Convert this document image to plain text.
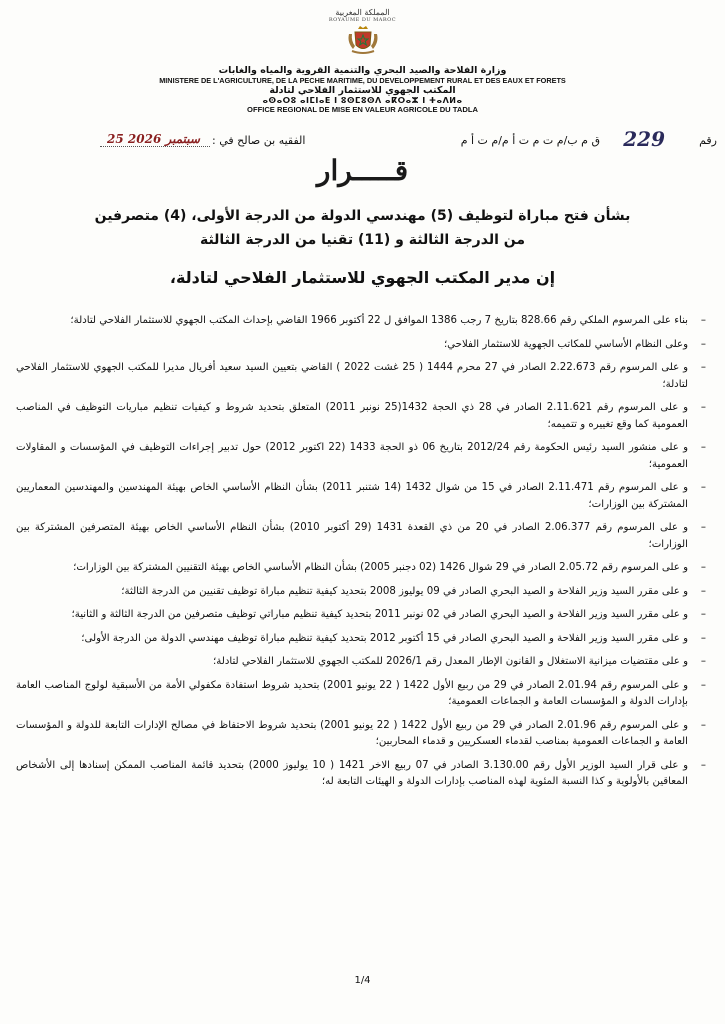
المملكة المغربية
ROYAUME DU MAROC
وزارة الفلاحة والصيد البحري والتنمية القروية والمياه والغابات
MINISTERE DE L'AGRICULTURE, DE LA PECHE MARITIME, DU DEVELOPPEMENT RURAL ET DES EAUX ET FORETS
المكتب الجهوي للاستثمار الفلاحي لتادلة
ⴰⵙⴰⵔⵓ ⴰⵏⵎⵏⴰⴹ ⵏ ⵓⵙⵎⵓⵙⴷ ⴰⴽⵔⴰⵣ ⵏ ⵜⴰⴷⵍⴰ
OFFICE REGIONAL DE MISE EN VALEUR AGRICOLE DU TADLA
رقم
229
ق م ب/م ت م ت أ م/م ت أ م
الفقيه بن صالح في :
25 سبتمبر 2026
قـــــرار
بشأن فتح مباراة لتوظيف (5) مهندسي الدولة من الدرجة الأولى، (4) متصرفين
من الدرجة الثالثة و (11) تقنيا من الدرجة الثالثة
إن مدير المكتب الجهوي للاستثمار الفلاحي لتادلة،
– بناء على المرسوم الملكي رقم 828.66 بتاريخ 7 رجب 1386 الموافق ل 22 أكتوبر 1966 القاضي بإحداث المكتب الجهوي للاستثمار الفلاحي لتادلة؛
– وعلى النظام الأساسي للمكاتب الجهوية للاستثمار الفلاحي؛
– و على المرسوم رقم 2.22.673 الصادر في 27 محرم 1444 ( 25 غشت 2022 ) القاضي بتعيين السيد سعيد أفريال مديرا للمكتب الجهوي للاستثمار الفلاحي لتادلة؛
– و على المرسوم رقم 2.11.621 الصادر في 28 ذي الحجة 1432(25 نونبر 2011) المتعلق بتحديد شروط و كيفيات تنظيم مباريات التوظيف في المناصب العمومية كما وقع تغييره و تتميمه؛
– و على منشور السيد رئيس الحكومة رقم 2012/24 بتاريخ 06 ذو الحجة 1433 (22 اكتوبر 2012) حول تدبير إجراءات التوظيف في المؤسسات و المقاولات العمومية؛
– و على المرسوم رقم 2.11.471 الصادر في 15 من شوال 1432 (14 شتنبر 2011) بشأن النظام الأساسي الخاص بهيئة المهندسين والمهندسين المعماريين المشتركة بين الوزارات؛
– و على المرسوم رقم 2.06.377 الصادر في 20 من ذي القعدة 1431 (29 أكتوبر 2010) بشأن النظام الأساسي الخاص بهيئة المتصرفين المشتركة بين الوزارات؛
– و على المرسوم رقم 2.05.72 الصادر في 29 شوال 1426 (02 دجنبر 2005) بشأن النظام الأساسي الخاص بهيئة التقنيين المشتركة بين الوزارات؛
– و على مقرر السيد وزير الفلاحة و الصيد البحري الصادر في 09 يوليوز 2008 بتحديد كيفية تنظيم مباراة توظيف تقنيين من الدرجة الثالثة؛
– و على مقرر السيد وزير الفلاحة و الصيد البحري الصادر في 02 نونبر 2011 بتحديد كيفية تنظيم مباراتي توظيف متصرفين من الدرجة الثالثة و الثانية؛
– و على مقرر السيد وزير الفلاحة و الصيد البحري الصادر في 15 أكتوبر 2012 بتحديد كيفية تنظيم مباراة توظيف مهندسي الدولة من الدرجة الأولى؛
– و على مقتضيات ميزانية الاستغلال و القانون الإطار المعدل رقم 2026/1 للمكتب الجهوي للاستثمار الفلاحي لتادلة؛
– و على المرسوم رقم 2.01.94 الصادر في 29 من ربيع الأول 1422 ( 22 يونيو 2001) بتحديد شروط استفادة مكفولي الأمة من الأسبقية لولوج المناصب العامة بإدارات الدولة و المؤسسات العامة و الجماعات العمومية؛
– و على المرسوم رقم 2.01.96 الصادر في 29 من ربيع الأول 1422 ( 22 يونيو 2001) بتحديد شروط الاحتفاظ في مصالح الإدارات التابعة للدولة و المؤسسات العامة و الجماعات العمومية بمناصب لقدماء العسكريين و قدماء المحاربين؛
– و على قرار السيد الوزير الأول رقم 3.130.00 الصادر في 07 ربيع الاخر 1421 ( 10 يوليوز 2000) بتحديد قائمة المناصب الممكن إسنادها إلى الأشخاص المعاقين بالأولوية و كذا النسبة المئوية لهذه المناصب بإدارات الدولة و الهيئات التابعة له؛
1/4
